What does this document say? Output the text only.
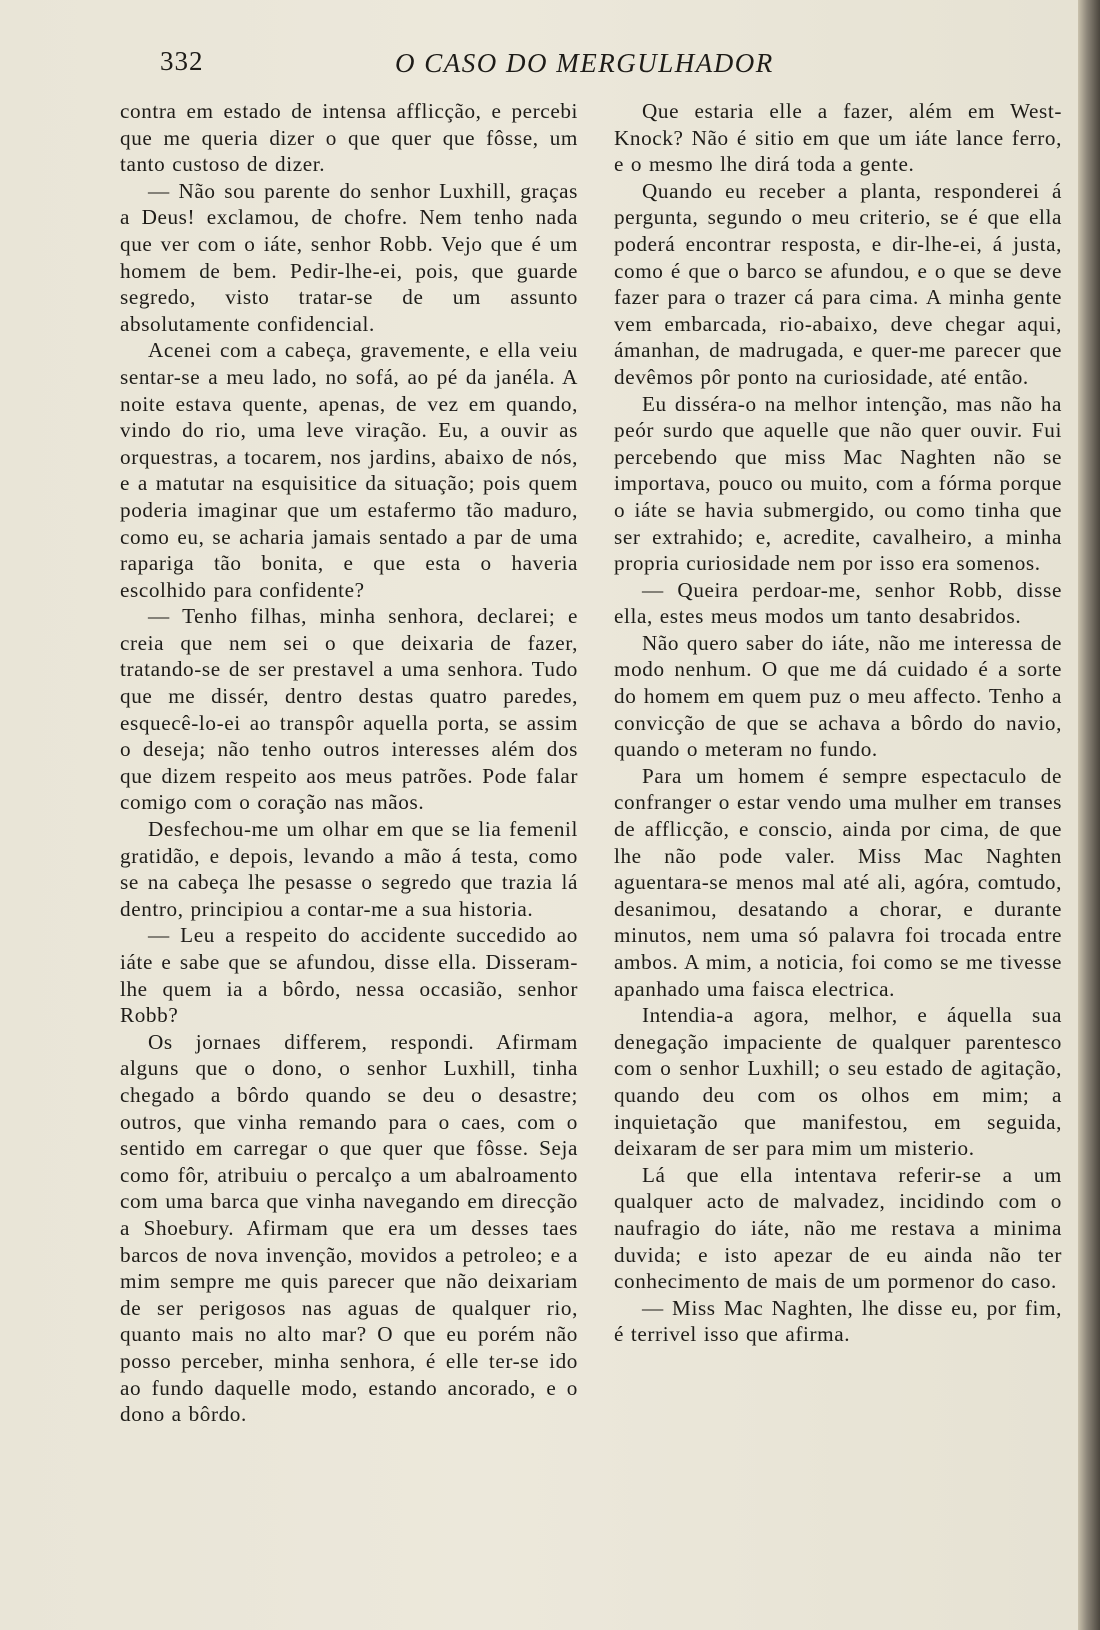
332	O CASO DO MERGULHADOR

contra em estado de intensa afflicção, e percebi que me queria dizer o que quer que fôsse, um tanto custoso de dizer.

— Não sou parente do senhor Luxhill, graças a Deus! exclamou, de chofre. Nem tenho nada que ver com o iáte, senhor Robb. Vejo que é um homem de bem. Pedir-lhe-ei, pois, que guarde segredo, visto tratar-se de um assunto absolutamente confidencial.

Acenei com a cabeça, gravemente, e ella veiu sentar-se a meu lado, no sofá, ao pé da janéla. A noite estava quente, apenas, de vez em quando, vindo do rio, uma leve viração. Eu, a ouvir as orquestras, a tocarem, nos jardins, abaixo de nós, e a matutar na esquisitice da situação; pois quem poderia imaginar que um estafermo tão maduro, como eu, se acharia jamais sentado a par de uma rapariga tão bonita, e que esta o haveria escolhido para confidente?

— Tenho filhas, minha senhora, declarei; e creia que nem sei o que deixaria de fazer, tratando-se de ser prestavel a uma senhora. Tudo que me dissér, dentro destas quatro paredes, esquecê-lo-ei ao transpôr aquella porta, se assim o deseja; não tenho outros interesses além dos que dizem respeito aos meus patrões. Pode falar comigo com o coração nas mãos.

Desfechou-me um olhar em que se lia femenil gratidão, e depois, levando a mão á testa, como se na cabeça lhe pesasse o segredo que trazia lá dentro, principiou a contar-me a sua historia.

— Leu a respeito do accidente succedido ao iáte e sabe que se afundou, disse ella. Disseram-lhe quem ia a bôrdo, nessa occasião, senhor Robb?

Os jornaes differem, respondi. Afirmam alguns que o dono, o senhor Luxhill, tinha chegado a bôrdo quando se deu o desastre; outros, que vinha remando para o caes, com o sentido em carregar o que quer que fôsse. Seja como fôr, atribuiu o percalço a um abalroamento com uma barca que vinha navegando em direcção a Shoebury. Afirmam que era um desses taes barcos de nova invenção, movidos a petroleo; e a mim sempre me quis parecer que não deixariam de ser perigosos nas aguas de qualquer rio, quanto mais no alto mar? O que eu porém não posso perceber, minha senhora, é elle ter-se ido ao fundo daquelle modo, estando ancorado, e o dono a bôrdo.

Que estaria elle a fazer, além em West-Knock? Não é sitio em que um iáte lance ferro, e o mesmo lhe dirá toda a gente.

Quando eu receber a planta, responderei á pergunta, segundo o meu criterio, se é que ella poderá encontrar resposta, e dir-lhe-ei, á justa, como é que o barco se afundou, e o que se deve fazer para o trazer cá para cima. A minha gente vem embarcada, rio-abaixo, deve chegar aqui, ámanhan, de madrugada, e quer-me parecer que devêmos pôr ponto na curiosidade, até então.

Eu disséra-o na melhor intenção, mas não ha peór surdo que aquelle que não quer ouvir. Fui percebendo que miss Mac Naghten não se importava, pouco ou muito, com a fórma porque o iáte se havia submergido, ou como tinha que ser extrahido; e, acredite, cavalheiro, a minha propria curiosidade nem por isso era somenos.

— Queira perdoar-me, senhor Robb, disse ella, estes meus modos um tanto desabridos.

Não quero saber do iáte, não me interessa de modo nenhum. O que me dá cuidado é a sorte do homem em quem puz o meu affecto. Tenho a convicção de que se achava a bôrdo do navio, quando o meteram no fundo.

Para um homem é sempre espectaculo de confranger o estar vendo uma mulher em transes de afflicção, e conscio, ainda por cima, de que lhe não pode valer. Miss Mac Naghten aguentara-se menos mal até ali, agóra, comtudo, desanimou, desatando a chorar, e durante minutos, nem uma só palavra foi trocada entre ambos. A mim, a noticia, foi como se me tivesse apanhado uma faisca electrica.

Intendia-a agora, melhor, e áquella sua denegação impaciente de qualquer parentesco com o senhor Luxhill; o seu estado de agitação, quando deu com os olhos em mim; a inquietação que manifestou, em seguida, deixaram de ser para mim um misterio.

Lá que ella intentava referir-se a um qualquer acto de malvadez, incidindo com o naufragio do iáte, não me restava a minima duvida; e isto apezar de eu ainda não ter conhecimento de mais de um pormenor do caso.

— Miss Mac Naghten, lhe disse eu, por fim, é terrivel isso que afirma.
